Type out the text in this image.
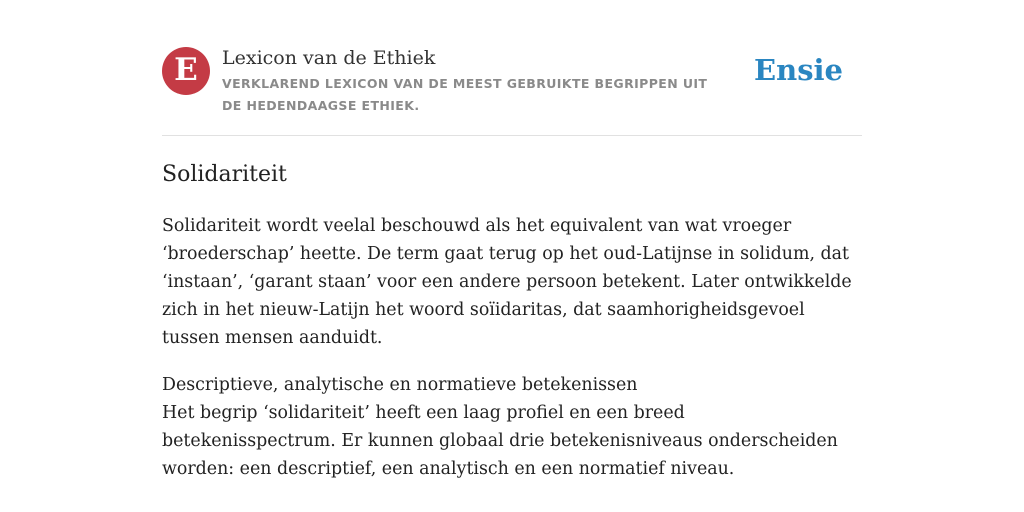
E Lexicon van de Ethiek
VERKLAREND LEXICON VAN DE MEEST GEBRUIKTE BEGRIPPEN UIT DE HEDENDAAGSE ETHIEK.
Ensie
Solidariteit

Solidariteit wordt veelal beschouwd als het equivalent van wat vroeger ‘broederschap’ heette. De term gaat terug op het oud-Latijnse in solidum, dat ‘instaan’, ‘garant staan’ voor een andere persoon betekent. Later ontwikkelde zich in het nieuw-Latijn het woord soïidaritas, dat saamhorigheidsgevoel tussen mensen aanduidt.

Descriptieve, analytische en normatieve betekenissen
Het begrip ‘solidariteit’ heeft een laag profiel en een breed betekenisspectrum. Er kunnen globaal drie betekenisniveaus onderscheiden worden: een descriptief, een analytisch en een normatief niveau.
